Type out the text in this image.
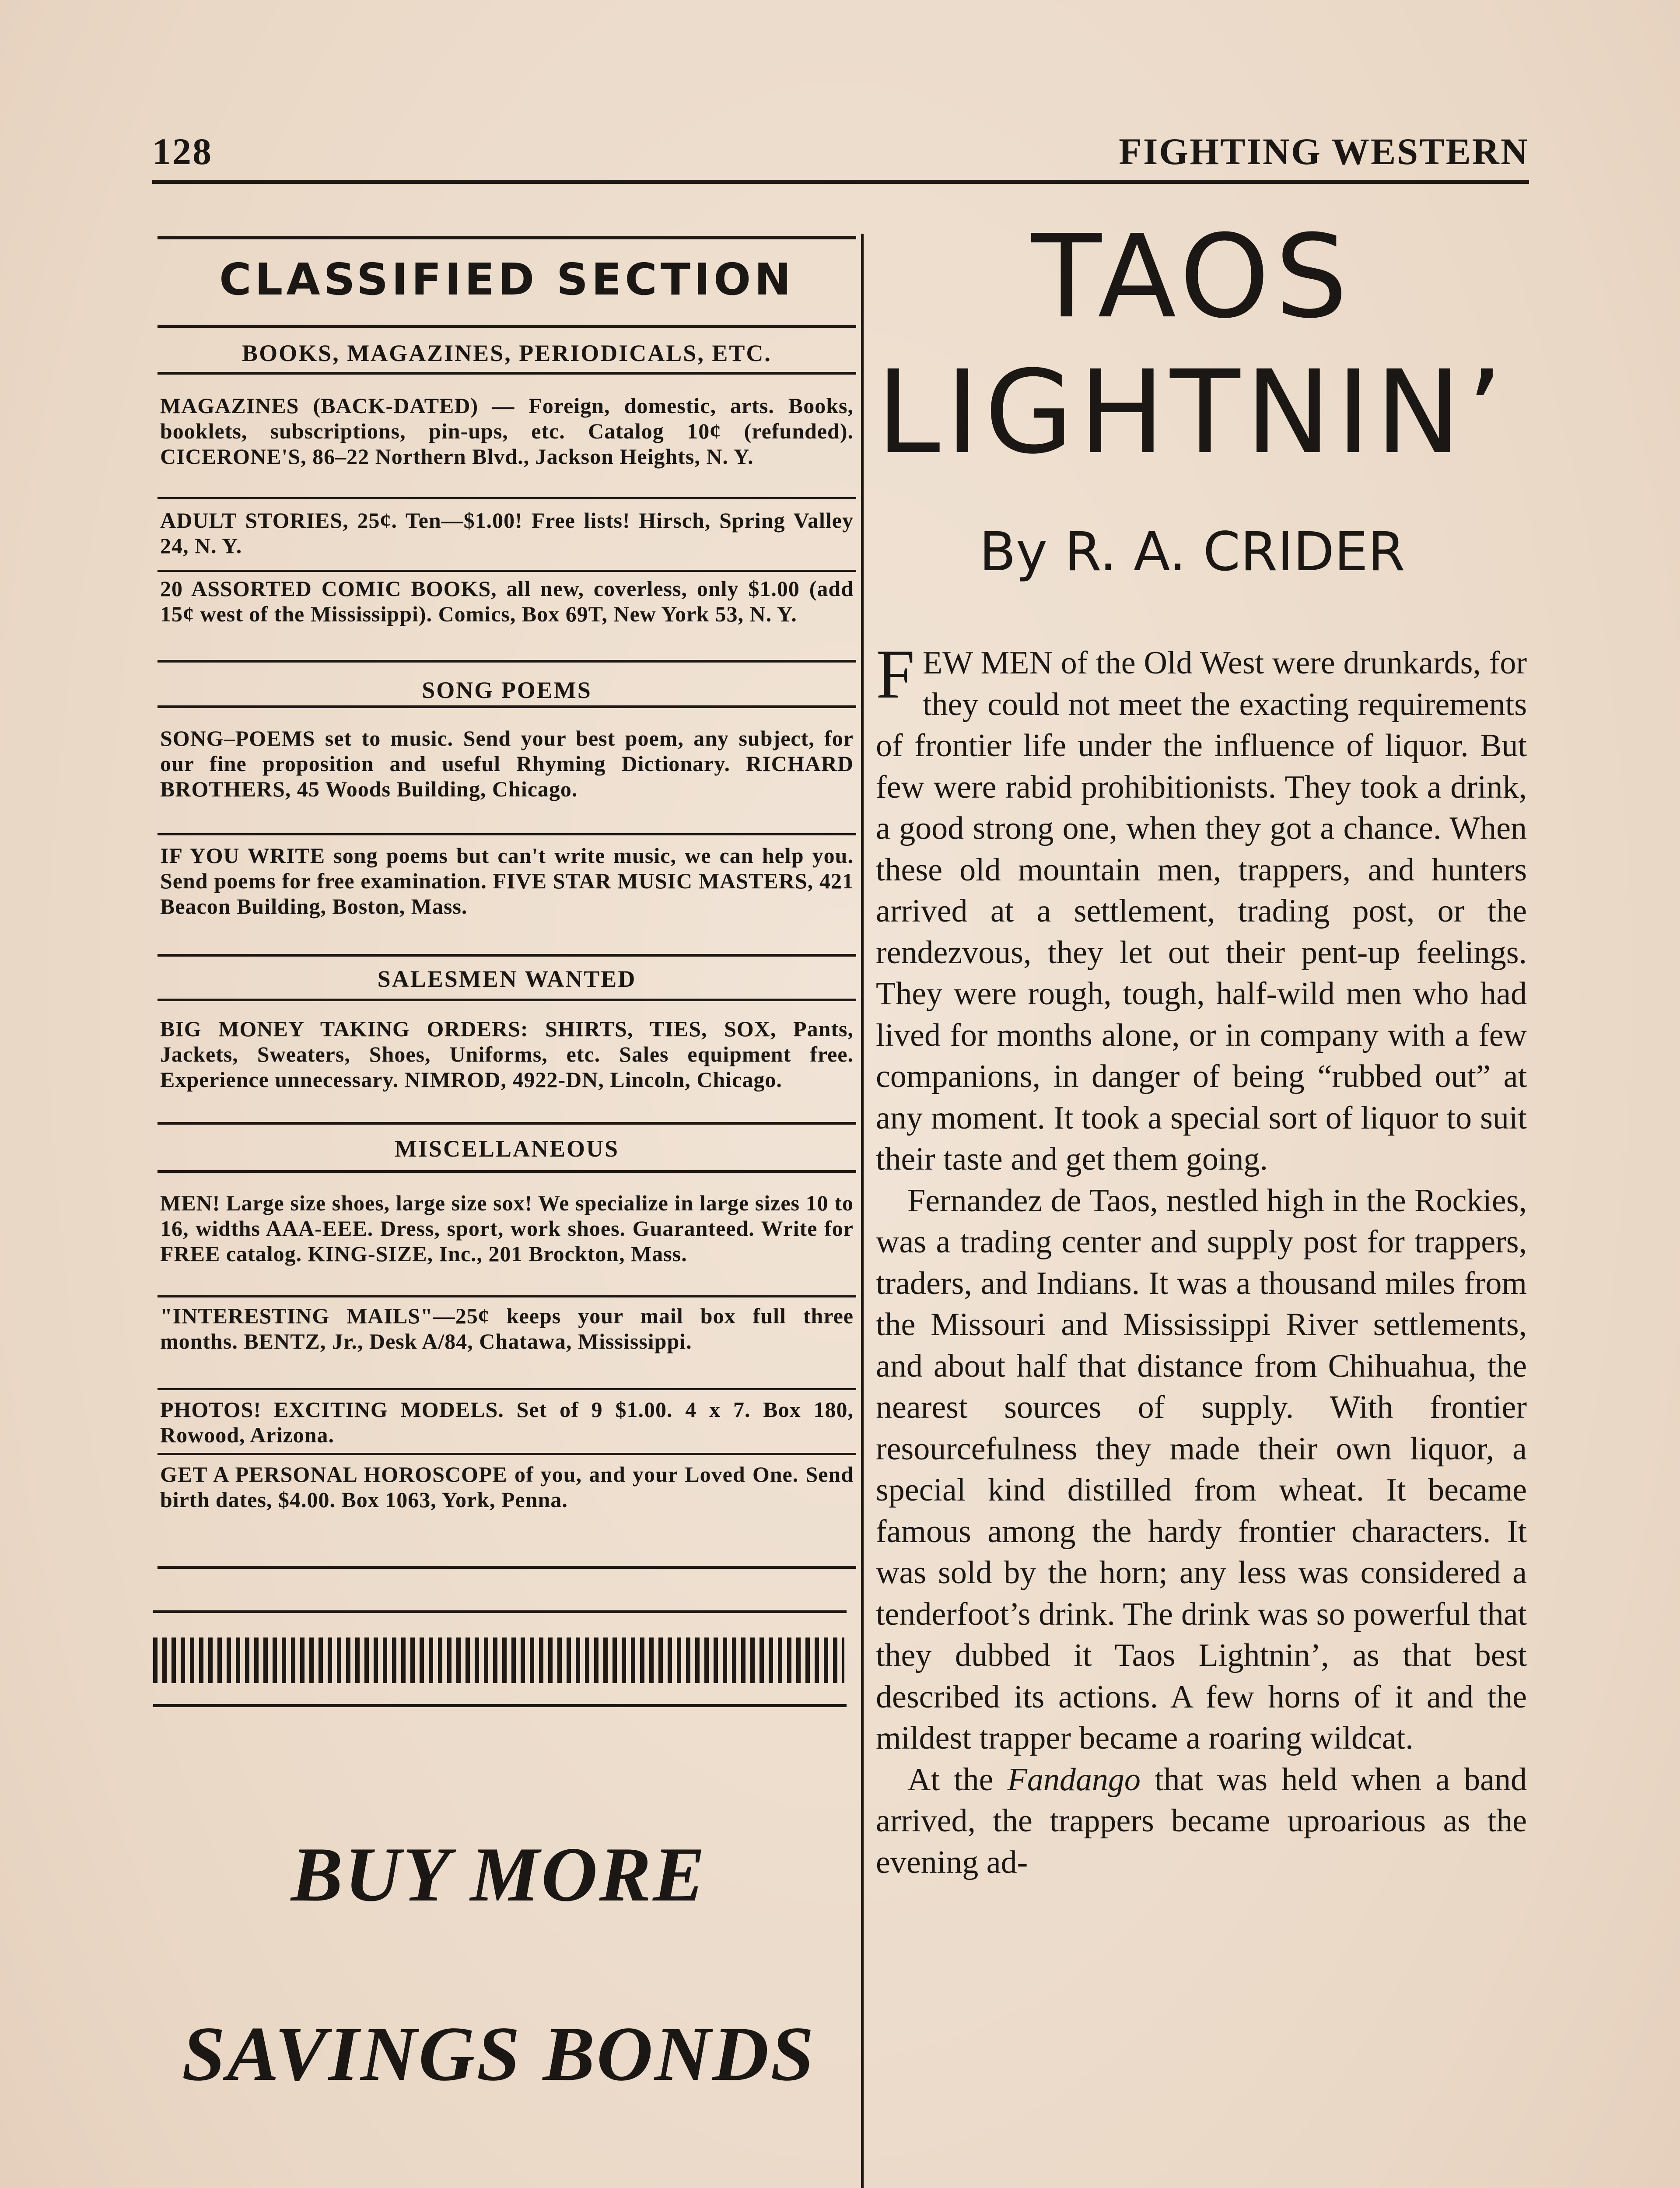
128	FIGHTING WESTERN
CLASSIFIED SECTION
BOOKS, MAGAZINES, PERIODICALS, ETC.
MAGAZINES (BACK-DATED) — Foreign, domestic, arts. Books, booklets, subscriptions, pin-ups, etc. Catalog 10¢ (refunded). CICERONE'S, 86–22 Northern Blvd., Jackson Heights, N. Y.
ADULT STORIES, 25¢. Ten—$1.00! Free lists! Hirsch, Spring Valley 24, N. Y.
20 ASSORTED COMIC BOOKS, all new, coverless, only $1.00 (add 15¢ west of the Mississippi). Comics, Box 69T, New York 53, N. Y.
SONG POEMS
SONG–POEMS set to music. Send your best poem, any subject, for our fine proposition and useful Rhyming Dictionary. RICHARD BROTHERS, 45 Woods Building, Chicago.
IF YOU WRITE song poems but can't write music, we can help you. Send poems for free examination. FIVE STAR MUSIC MASTERS, 421 Beacon Building, Boston, Mass.
SALESMEN WANTED
BIG MONEY TAKING ORDERS: SHIRTS, TIES, SOX, Pants, Jackets, Sweaters, Shoes, Uniforms, etc. Sales equipment free. Experience unnecessary. NIMROD, 4922-DN, Lincoln, Chicago.
MISCELLANEOUS
MEN! Large size shoes, large size sox! We specialize in large sizes 10 to 16, widths AAA-EEE. Dress, sport, work shoes. Guaranteed. Write for FREE catalog. KING-SIZE, Inc., 201 Brockton, Mass.
"INTERESTING MAILS"—25¢ keeps your mail box full three months. BENTZ, Jr., Desk A/84, Chatawa, Mississippi.
PHOTOS! EXCITING MODELS. Set of 9 $1.00. 4 x 7. Box 180, Rowood, Arizona.
GET A PERSONAL HOROSCOPE of you, and your Loved One. Send birth dates, $4.00. Box 1063, York, Penna.
BUY MORE
SAVINGS BONDS
TAOS
LIGHTNIN’
By R. A. CRIDER

FEW MEN of the Old West were drunkards, for they could not meet the exacting requirements of frontier life under the influence of liquor. But few were rabid prohibitionists. They took a drink, a good strong one, when they got a chance. When these old mountain men, trappers, and hunters arrived at a settlement, trading post, or the rendezvous, they let out their pent-up feelings. They were rough, tough, half-wild men who had lived for months alone, or in company with a few companions, in danger of being “rubbed out” at any moment. It took a special sort of liquor to suit their taste and get them going.

Fernandez de Taos, nestled high in the Rockies, was a trading center and supply post for trappers, traders, and Indians. It was a thousand miles from the Missouri and Mississippi River settlements, and about half that distance from Chihuahua, the nearest sources of supply. With frontier resourcefulness they made their own liquor, a special kind distilled from wheat. It became famous among the hardy frontier characters. It was sold by the horn; any less was considered a tenderfoot’s drink. The drink was so powerful that they dubbed it Taos Lightnin’, as that best described its actions. A few horns of it and the mildest trapper became a roaring wildcat.

At the Fandango that was held when a band arrived, the trappers became uproarious as the evening ad-
